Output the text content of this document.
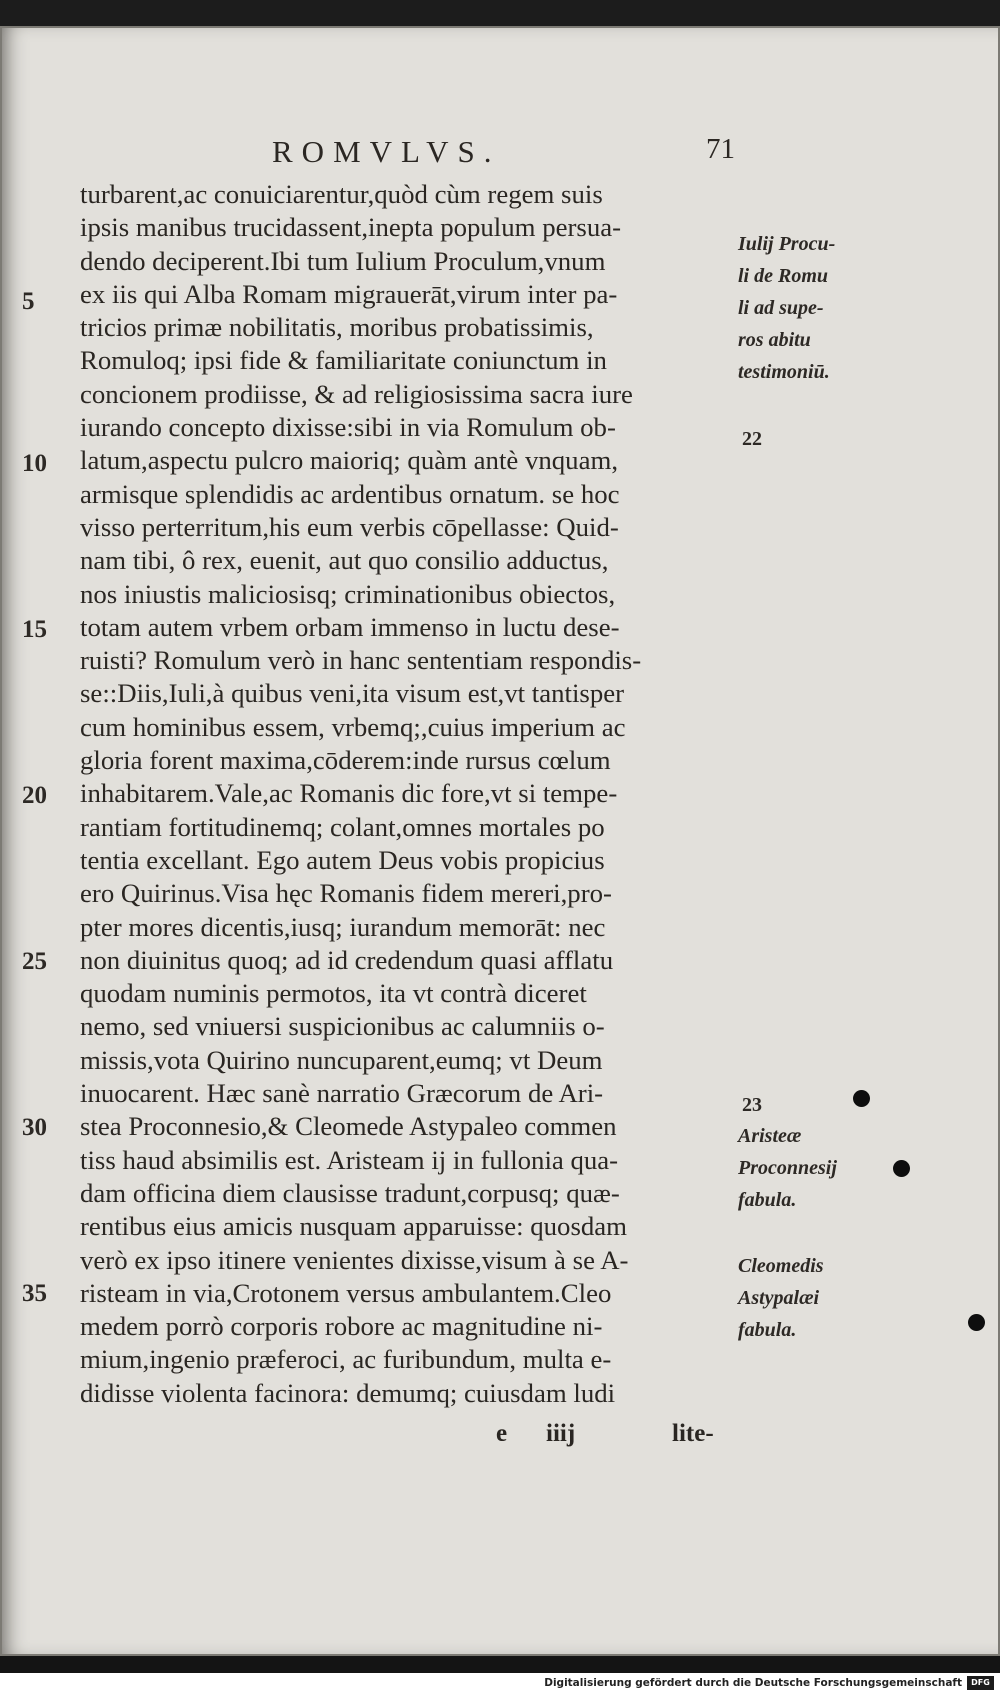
ROMVLVS.	71
turbarent,ac conuiciarentur,quòd cùm regem suis
ipsis manibus trucidassent,inepta populum persua-
dendo deciperent.Ibi tum Iulium Proculum,vnum
ex iis qui Alba Romam migrauerāt,virum inter pa-
tricios primæ nobilitatis, moribus probatissimis,
Romuloq; ipsi fide & familiaritate coniunctum in
concionem prodiisse, & ad religiosissima sacra iure
iurando concepto dixisse:sibi in via Romulum ob-
latum,aspectu pulcro maioriq; quàm antè vnquam,
armisque splendidis ac ardentibus ornatum. se hoc
visso perterritum,his eum verbis cōpellasse: Quid-
nam tibi, ô rex, euenit, aut quo consilio adductus,
nos iniustis maliciosisq; criminationibus obiectos,
totam autem vrbem orbam immenso in luctu dese-
ruisti? Romulum verò in hanc sententiam respondis-
se::Diis,Iuli,à quibus veni,ita visum est,vt tantisper
cum hominibus essem, vrbemq;,cuius imperium ac
gloria forent maxima,cōderem:inde rursus cœlum
inhabitarem.Vale,ac Romanis dic fore,vt si tempe-
rantiam fortitudinemq; colant,omnes mortales po
tentia excellant. Ego autem Deus vobis propicius
ero Quirinus.Visa hęc Romanis fidem mereri,pro-
pter mores dicentis,iusq; iurandum memorāt: nec
non diuinitus quoq; ad id credendum quasi afflatu
quodam numinis permotos, ita vt contrà diceret
nemo, sed vniuersi suspicionibus ac calumniis o-
missis,vota Quirino nuncuparent,eumq; vt Deum
inuocarent. Hæc sanè narratio Græcorum de Ari-
stea Proconnesio,& Cleomede Astypaleo commen
tiss haud absimilis est. Aristeam ij in fullonia qua-
dam officina diem clausisse tradunt,corpusq; quæ-
rentibus eius amicis nusquam apparuisse: quosdam
verò ex ipso itinere venientes dixisse,visum à se A-
risteam in via,Crotonem versus ambulantem.Cleo
medem porrò corporis robore ac magnitudine ni-
mium,ingenio præferoci, ac furibundum, multa e-
didisse violenta facinora: demumq; cuiusdam ludi
5
10
15
20
25
30
35
Iulij Procu-
li de Romu
li ad supe-
ros abitu
testimoniū.
22
23
Aristeæ
Proconnesij
fabula.
Cleomedis
Astypalæi
fabula.
e iiij	lite-
Digitalisierung gefördert durch die Deutsche Forschungsgemeinschaft	DFG
